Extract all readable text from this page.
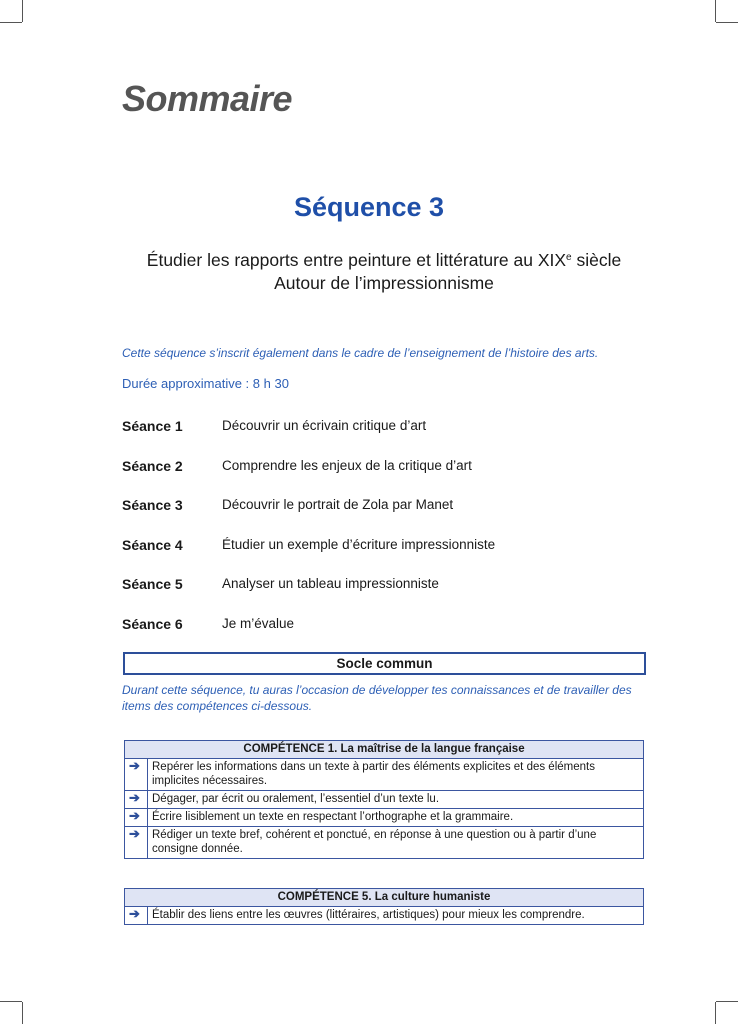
Sommaire
Séquence 3
Étudier les rapports entre peinture et littérature au XIXe siècle
Autour de l’impressionnisme
Cette séquence s’inscrit également dans le cadre de l’enseignement de l’histoire des arts.
Durée approximative : 8 h 30
Séance 1	Découvrir un écrivain critique d’art
Séance 2	Comprendre les enjeux de la critique d’art
Séance 3	Découvrir le portrait de Zola par Manet
Séance 4	Étudier un exemple d’écriture impressionniste
Séance 5	Analyser un tableau impressionniste
Séance 6	Je m’évalue
Socle commun
Durant cette séquence, tu auras l’occasion de développer tes connaissances et de travailler des items des compétences ci-dessous.
COMPÉTENCE 1. La maîtrise de la langue française	
➔	Repérer les informations dans un texte à partir des éléments explicites et des éléments implicites nécessaires.
➔	Dégager, par écrit ou oralement, l’essentiel d’un texte lu.
➔	Écrire lisiblement un texte en respectant l’orthographe et la grammaire.
➔	Rédiger un texte bref, cohérent et ponctué, en réponse à une question ou à partir d’une consigne donnée.
COMPÉTENCE 5. La culture humaniste
➔	Établir des liens entre les œuvres (littéraires, artistiques) pour mieux les comprendre.
